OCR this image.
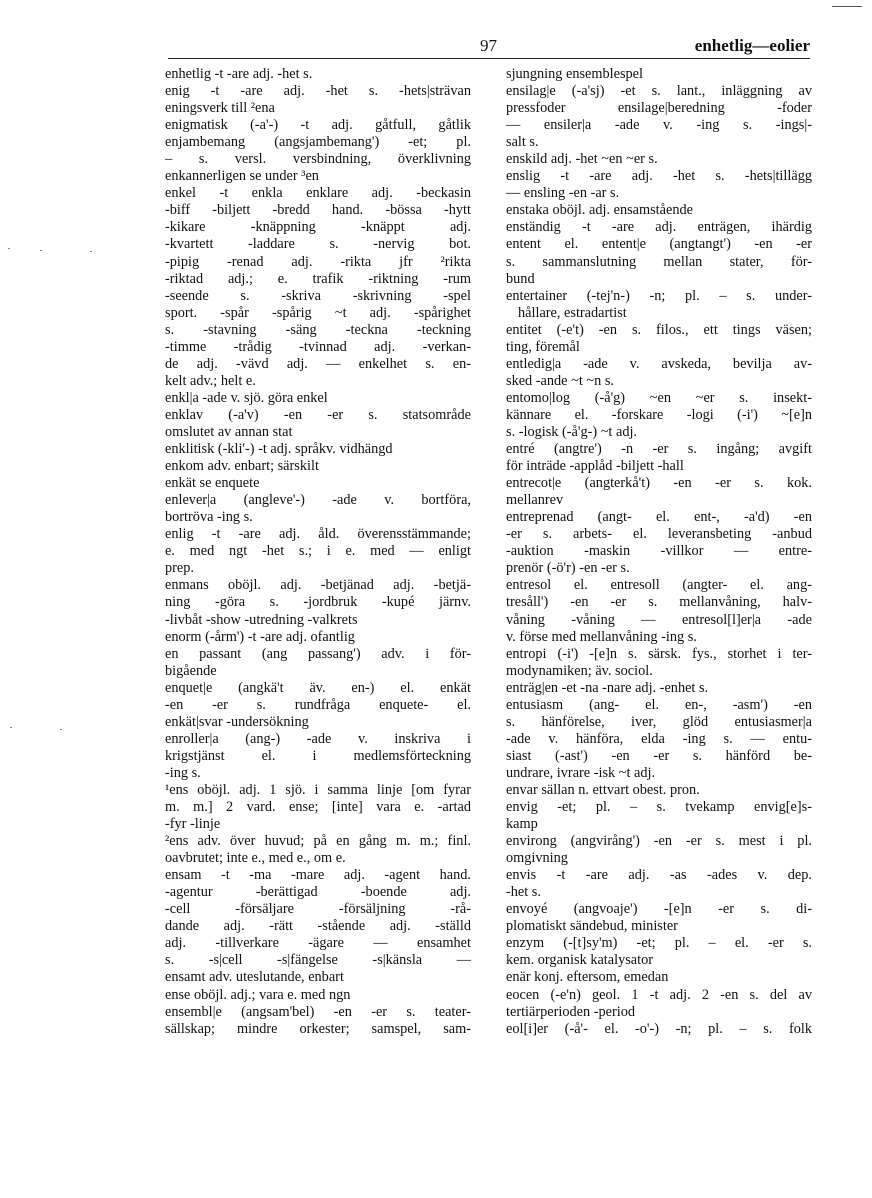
97	enhetlig—eolier
enhetlig -t -are adj. -het s.
enig -t -are adj. -het s. -hets|strävan
eningsverk till ²ena
enigmatisk (-a'-) -t adj. gåtfull, gåtlik
enjambemang (angsjambemang') -et; pl.
– s. versl. versbindning, överklivning
enkannerligen se under ³en
enkel -t enkla enklare adj. -beckasin
-biff -biljett -bredd hand. -bössa -hytt
-kikare -knäppning -knäppt adj.
-kvartett -laddare s. -nervig bot.
-pipig -renad adj. -rikta jfr ²rikta
-riktad adj.; e. trafik -riktning -rum
-seende s. -skriva -skrivning -spel
sport. -spår -spårig ~t adj. -spårighet
s. -stavning -säng -teckna -teckning
-timme -trådig -tvinnad adj. -verkan-
de adj. -vävd adj. — enkelhet s. en-
kelt adv.; helt e.
enkl|a -ade v. sjö. göra enkel
enklav (-a'v) -en -er s. statsområde
omslutet av annan stat
enklitisk (-kli'-) -t adj. språkv. vidhängd
enkom adv. enbart; särskilt
enkät se enquete
enlever|a (angleve'-) -ade v. bortföra,
bortröva -ing s.
enlig -t -are adj. åld. överensstämmande;
e. med ngt -het s.; i e. med — enligt
prep.
enmans oböjl. adj. -betjänad adj. -betjä-
ning -göra s. -jordbruk -kupé järnv.
-livbåt -show -utredning -valkrets
enorm (-årm') -t -are adj. ofantlig
en passant (ang passang') adv. i för-
bigående
enquet|e (angkä't äv. en-) el. enkät
-en -er s. rundfråga enquete- el.
enkät|svar -undersökning
enroller|a (ang-) -ade v. inskriva i
krigstjänst el. i medlemsförteckning
-ing s.
¹ens oböjl. adj. 1 sjö. i samma linje [om fyrar
m. m.] 2 vard. ense; [inte] vara e. -artad
-fyr -linje
²ens adv. över huvud; på en gång m. m.; finl.
oavbrutet; inte e., med e., om e.
ensam -t -ma -mare adj. -agent hand.
-agentur -berättigad -boende adj.
-cell -försäljare -försäljning -rå-
dande adj. -rätt -stående adj. -ställd
adj. -tillverkare -ägare — ensamhet
s. -s|cell -s|fängelse -s|känsla —
ensamt adv. uteslutande, enbart
ense oböjl. adj.; vara e. med ngn
ensembl|e (angsam'bel) -en -er s. teater-
sällskap; mindre orkester; samspel, sam-
sjungning ensemblespel
ensilag|e (-a'sj) -et s. lant., inläggning av
pressfoder ensilage|beredning -foder
— ensiler|a -ade v. -ing s. -ings|-
salt s.
enskild adj. -het ~en ~er s.
enslig -t -are adj. -het s. -hets|tillägg
— ensling -en -ar s.
enstaka oböjl. adj. ensamstående
enständig -t -are adj. enträgen, ihärdig
entent el. entent|e (angtangt') -en -er
s. sammanslutning mellan stater, för-
bund
entertainer (-tej'n-) -n; pl. – s. under-
hållare, estradartist
entitet (-e't) -en s. filos., ett tings väsen;
ting, föremål
entledig|a -ade v. avskeda, bevilja av-
sked -ande ~t ~n s.
entomo|log (-å'g) ~en ~er s. insekt-
kännare el. -forskare -logi (-i') ~[e]n
s. -logisk (-å'g-) ~t adj.
entré (angtre') -n -er s. ingång; avgift
för inträde -applåd -biljett -hall
entrecot|e (angterkå't) -en -er s. kok.
mellanrev
entreprenad (angt- el. ent-, -a'd) -en
-er s. arbets- el. leveransbeting -anbud
-auktion -maskin -villkor — entre-
prenör (-ö'r) -en -er s.
entresol el. entresoll (angter- el. ang-
tresåll') -en -er s. mellanvåning, halv-
våning -våning — entresol[l]er|a -ade
v. förse med mellanvåning -ing s.
entropi (-i') -[e]n s. särsk. fys., storhet i ter-
modynamiken; äv. sociol.
enträg|en -et -na -nare adj. -enhet s.
entusiasm (ang- el. en-, -asm') -en
s. hänförelse, iver, glöd entusiasmer|a
-ade v. hänföra, elda -ing s. — entu-
siast (-ast') -en -er s. hänförd be-
undrare, ivrare -isk ~t adj.
envar sällan n. ettvart obest. pron.
envig -et; pl. – s. tvekamp envig[e]s-
kamp
environg (angvirång') -en -er s. mest i pl.
omgivning
envis -t -are adj. -as -ades v. dep.
-het s.
envoyé (angvoaje') -[e]n -er s. di-
plomatiskt sändebud, minister
enzym (-[t]sy'm) -et; pl. – el. -er s.
kem. organisk katalysator
enär konj. eftersom, emedan
eocen (-e'n) geol. 1 -t adj. 2 -en s. del av
tertiärperioden -period
eol[i]er (-å'- el. -o'-) -n; pl. – s. folk
